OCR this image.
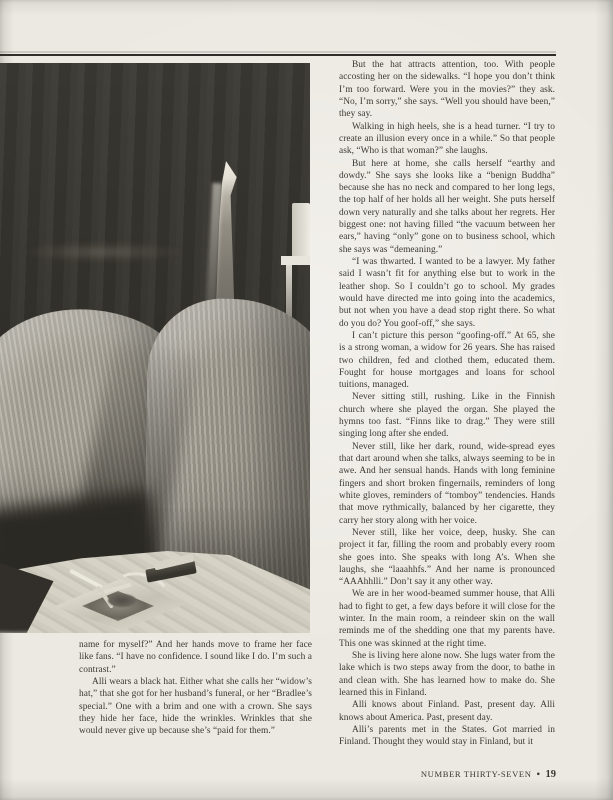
But the hat attracts attention, too. With people accosting her on the sidewalks. “I hope you don’t think I’m too forward. Were you in the movies?” they ask. “No, I’m sorry,” she says. “Well you should have been,” they say.

Walking in high heels, she is a head turner. “I try to create an illusion every once in a while.” So that people ask, “Who is that woman?” she laughs.

But here at home, she calls herself “earthy and dowdy.” She says she looks like a “benign Buddha” because she has no neck and compared to her long legs, the top half of her holds all her weight. She puts herself down very naturally and she talks about her regrets. Her biggest one: not having filled “the vacuum between her ears,” having “only” gone on to business school, which she says was “demeaning.”

“I was thwarted. I wanted to be a lawyer. My father said I wasn’t fit for anything else but to work in the leather shop. So I couldn’t go to school. My grades would have directed me into going into the academics, but not when you have a dead stop right there. So what do you do? You goof-off,” she says.

I can’t picture this person “goofing-off.” At 65, she is a strong woman, a widow for 26 years. She has raised two children, fed and clothed them, educated them. Fought for house mortgages and loans for school tuitions, managed.

Never sitting still, rushing. Like in the Finnish church where she played the organ. She played the hymns too fast. “Finns like to drag.” They were still singing long after she ended.

Never still, like her dark, round, wide-spread eyes that dart around when she talks, always seeming to be in awe. And her sensual hands. Hands with long feminine fingers and short broken fingernails, reminders of long white gloves, reminders of “tomboy” tendencies. Hands that move rythmically, balanced by her cigarette, they carry her story along with her voice.

Never still, like her voice, deep, husky. She can project it far, filling the room and probably every room she goes into. She speaks with long A’s. When she laughs, she “laaahhfs.” And her name is pronounced “AAAhhlli.” Don’t say it any other way.

We are in her wood-beamed summer house, that Alli had to fight to get, a few days before it will close for the winter. In the main room, a reindeer skin on the wall reminds me of the shedding one that my parents have. This one was skinned at the right time.

She is living here alone now. She lugs water from the lake which is two steps away from the door, to bathe in and clean with. She has learned how to make do. She learned this in Finland.

Alli knows about Finland. Past, present day. Alli knows about America. Past, present day.

Alli’s parents met in the States. Got married in Finland. Thought they would stay in Finland, but it

name for myself?” And her hands move to frame her face like fans. “I have no confidence. I sound like I do. I’m such a contrast.”

Alli wears a black hat. Either what she calls her “widow’s hat,” that she got for her husband’s funeral, or her “Bradlee’s special.” One with a brim and one with a crown. She says they hide her face, hide the wrinkles. Wrinkles that she would never give up because she’s “paid for them.”

NUMBER THIRTY-SEVEN • 19
